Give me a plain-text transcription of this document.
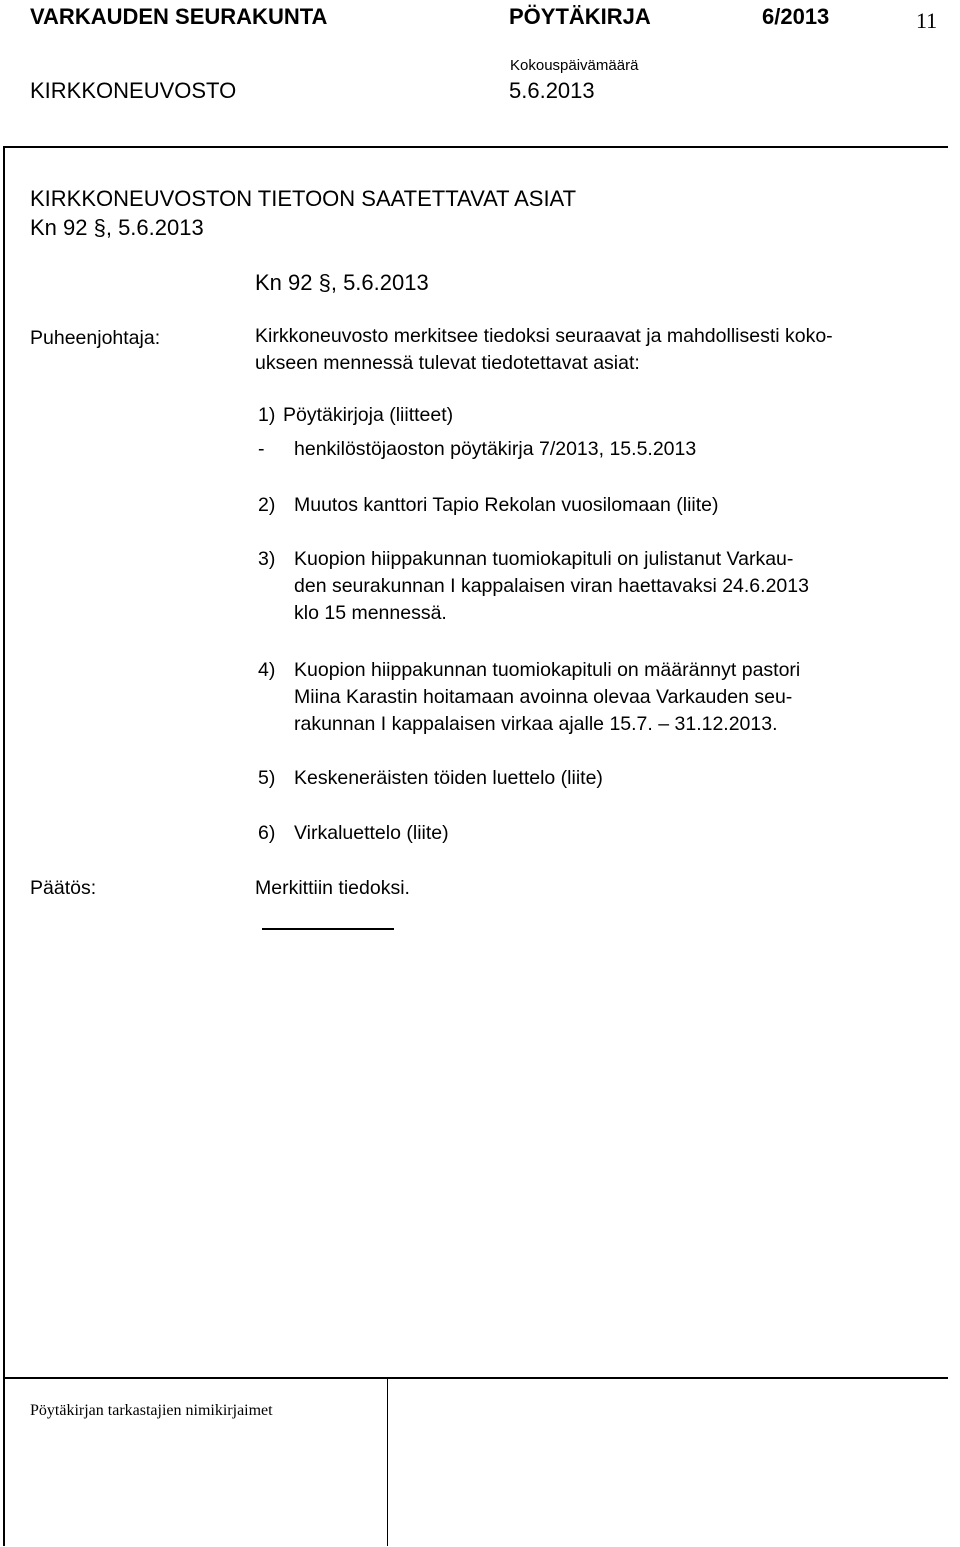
VARKAUDEN SEURAKUNTA	PÖYTÄKIRJA	6/2013	11
Kokouspäivämäärä
KIRKKONEUVOSTO	5.6.2013
KIRKKONEUVOSTON TIETOON SAATETTAVAT ASIAT
Kn 92 §, 5.6.2013
Kn 92 §, 5.6.2013
Puheenjohtaja:	Kirkkoneuvosto merkitsee tiedoksi seuraavat ja mahdollisesti koko-
ukseen mennessä tulevat tiedotettavat asiat:
1) Pöytäkirjoja (liitteet)
- henkilöstöjaoston pöytäkirja 7/2013, 15.5.2013
2) Muutos kanttori Tapio Rekolan vuosilomaan (liite)
3) Kuopion hiippakunnan tuomiokapituli on julistanut Varkau-
den seurakunnan I kappalaisen viran haettavaksi 24.6.2013
klo 15 mennessä.
4) Kuopion hiippakunnan tuomiokapituli on määrännyt pastori
Miina Karastin hoitamaan avoinna olevaa Varkauden seu-
rakunnan I kappalaisen virkaa ajalle 15.7. – 31.12.2013.
5) Keskeneräisten töiden luettelo (liite)
6) Virkaluettelo (liite)
Päätös:	Merkittiin tiedoksi.
Pöytäkirjan tarkastajien nimikirjaimet
